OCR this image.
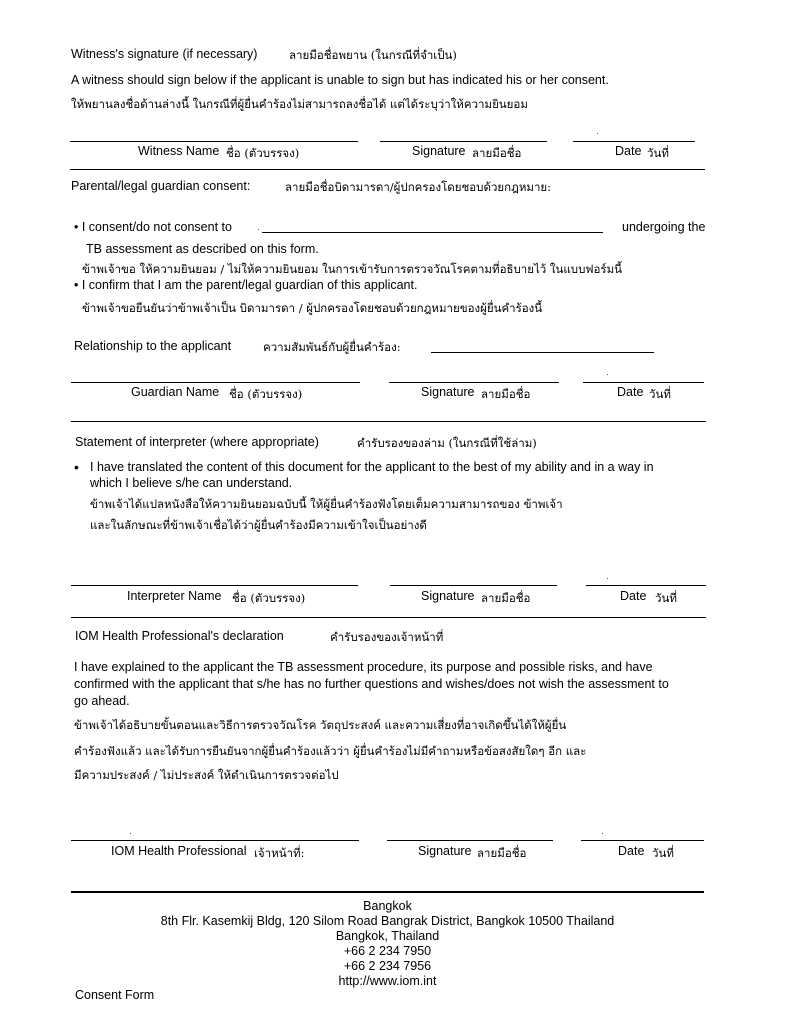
Witness's signature (if necessary)	ลายมือชื่อพยาน (ในกรณีที่จำเป็น)
A witness should sign below if the applicant is unable to sign but has indicated his or her consent.
ให้พยานลงชื่อด้านล่างนี้ ในกรณีที่ผู้ยื่นคำร้องไม่สามารถลงชื่อได้ แต่ได้ระบุว่าให้ความยินยอม
Witness Name ชื่อ (ตัวบรรจง)	Signature ลายมือชื่อ	Date วันที่
Parental/legal guardian consent:	ลายมือชื่อบิดามารดา/ผู้ปกครองโดยชอบด้วยกฎหมาย:
• I consent/do not consent to	undergoing the
TB assessment as described on this form.
ข้าพเจ้าขอ ให้ความยินยอม / ไม่ให้ความยินยอม ในการเข้ารับการตรวจวัณโรคตามที่อธิบายไว้ ในแบบฟอร์มนี้
• I confirm that I am the parent/legal guardian of this applicant.
ข้าพเจ้าขอยืนยันว่าข้าพเจ้าเป็น บิดามารดา / ผู้ปกครองโดยชอบด้วยกฎหมายของผู้ยื่นคำร้องนี้
Relationship to the applicant	ความสัมพันธ์กับผู้ยื่นคำร้อง:
Guardian Name ชื่อ (ตัวบรรจง)	Signature ลายมือชื่อ	Date วันที่
Statement of interpreter (where appropriate)	คำรับรองของล่าม (ในกรณีที่ใช้ล่าม)
• I have translated the content of this document for the applicant to the best of my ability and in a way in
which I believe s/he can understand.
ข้าพเจ้าได้แปลหนังสือให้ความยินยอมฉบับนี้ ให้ผู้ยื่นคำร้องฟังโดยเต็มความสามารถของ ข้าพเจ้า
และในลักษณะที่ข้าพเจ้าเชื่อได้ว่าผู้ยื่นคำร้องมีความเข้าใจเป็นอย่างดี
Interpreter Name ชื่อ (ตัวบรรจง)	Signature ลายมือชื่อ	Date วันที่
IOM Health Professional's declaration	คำรับรองของเจ้าหน้าที่
I have explained to the applicant the TB assessment procedure, its purpose and possible risks, and have
confirmed with the applicant that s/he has no further questions and wishes/does not wish the assessment to
go ahead.
ข้าพเจ้าได้อธิบายขั้นตอนและวิธีการตรวจวัณโรค วัตถุประสงค์ และความเสี่ยงที่อาจเกิดขึ้นได้ให้ผู้ยื่น
คำร้องฟังแล้ว และได้รับการยืนยันจากผู้ยื่นคำร้องแล้วว่า ผู้ยื่นคำร้องไม่มีคำถามหรือข้อสงสัยใดๆ อีก และ
มีความประสงค์ / ไม่ประสงค์ ให้ดำเนินการตรวจต่อไป
IOM Health Professional เจ้าหน้าที่:	Signature ลายมือชื่อ	Date วันที่
Bangkok
8th Flr. Kasemkij Bldg, 120 Silom Road Bangrak District, Bangkok 10500 Thailand
Bangkok, Thailand
+66 2 234 7950
+66 2 234 7956
http://www.iom.int
Consent Form
